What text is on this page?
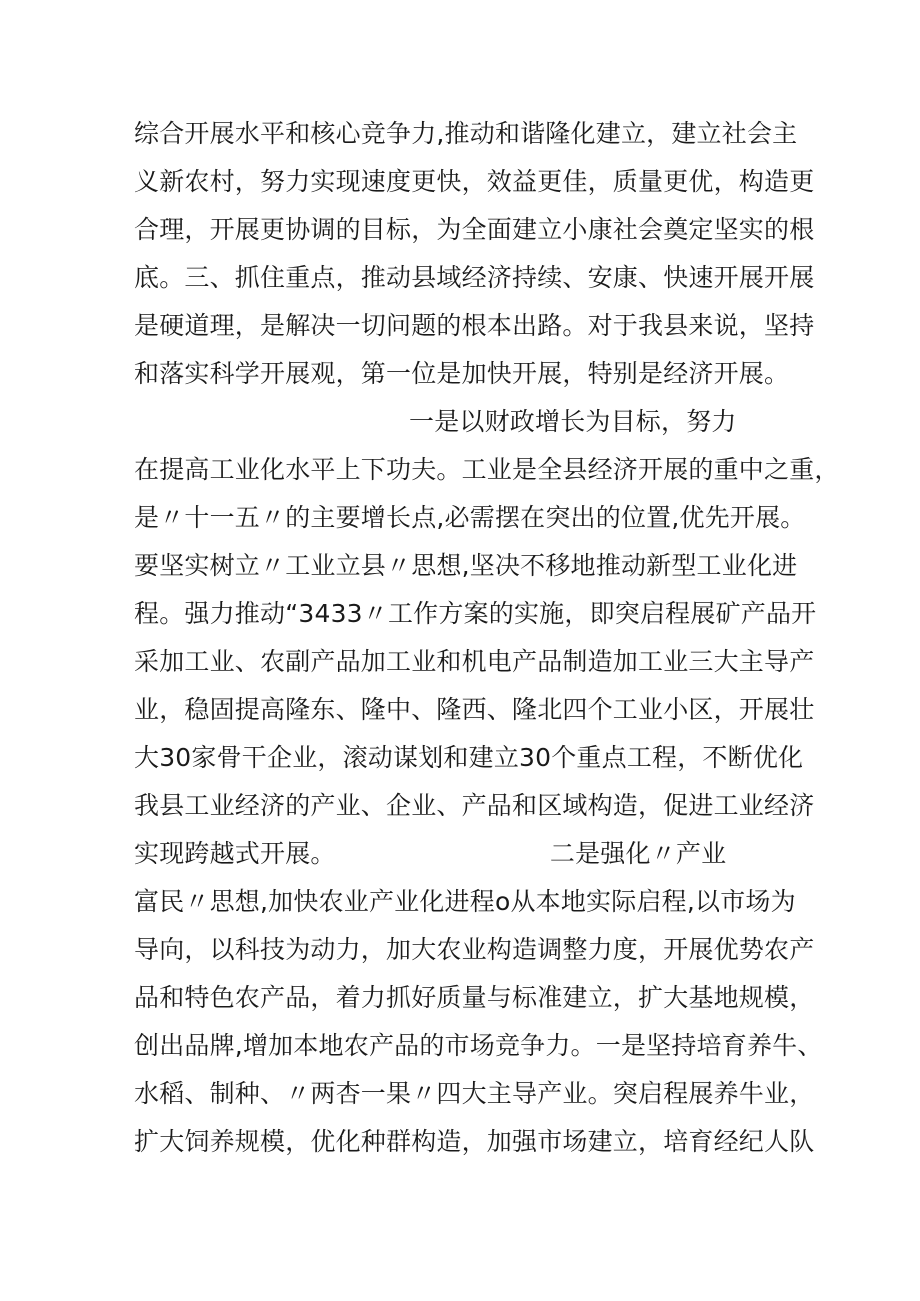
综合开展水平和核心竞争力,推动和谐隆化建立，建立社会主
义新农村，努力实现速度更快，效益更佳，质量更优，构造更
合理，开展更协调的目标，为全面建立小康社会奠定坚实的根
底。三、抓住重点，推动县域经济持续、安康、快速开展开展
是硬道理，是解决一切问题的根本出路。对于我县来说，坚持
和落实科学开展观，第一位是加快开展，特别是经济开展。
一是以财政增长为目标，努力
在提高工业化水平上下功夫。工业是全县经济开展的重中之重，
是〃十一五〃的主要增长点,必需摆在突出的位置,优先开展。
要坚实树立〃工业立县〃思想,坚决不移地推动新型工业化进
程。强力推动“3433〃工作方案的实施，即突启程展矿产品开
采加工业、农副产品加工业和机电产品制造加工业三大主导产
业，稳固提高隆东、隆中、隆西、隆北四个工业小区，开展壮
大30家骨干企业，滚动谋划和建立30个重点工程，不断优化
我县工业经济的产业、企业、产品和区域构造，促进工业经济
实现跨越式开展。　　　　　　　　　二是强化〃产业
富民〃思想,加快农业产业化进程o从本地实际启程,以市场为
导向，以科技为动力，加大农业构造调整力度，开展优势农产
品和特色农产品，着力抓好质量与标准建立，扩大基地规模，
创出品牌,增加本地农产品的市场竞争力。一是坚持培育养牛、
水稻、制种、〃两杏一果〃四大主导产业。突启程展养牛业，
扩大饲养规模，优化种群构造，加强市场建立，培育经纪人队
